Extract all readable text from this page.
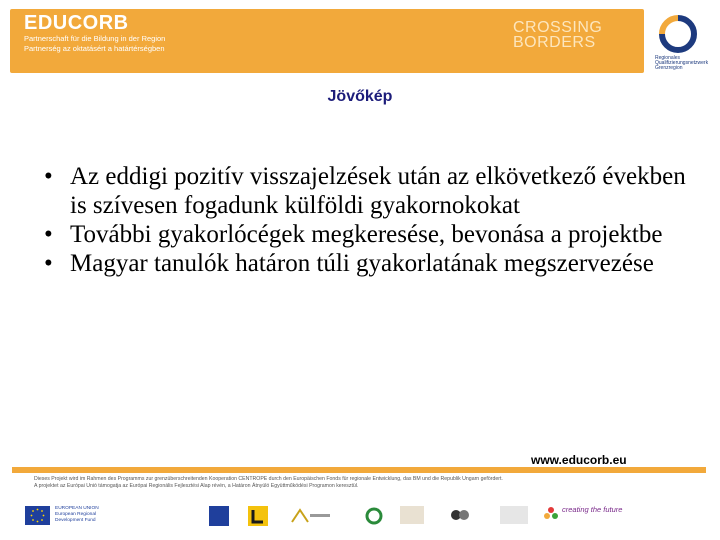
EDUCORB
Partnerschaft für die Bildung in der Region
Partnerség az oktatásért a határtérségben
CROSSING
BORDERS
Regionales Qualifizierungsnetzwerk Grenzregion
Jövőkép
• Az eddigi pozitív visszajelzések után az elkövetkező években is szívesen fogadunk külföldi gyakornokokat
• További gyakorlócégek megkeresése, bevonása a projektbe
• Magyar tanulók határon túli gyakorlatának megszervezése
www.educorb.eu
Dieses Projekt wird im Rahmen des Programms zur grenzüberschreitenden Kooperation CENTROPE durch den Europäischen Fonds für regionale Entwicklung, das BM und die Republik Ungarn gefördert.
A projektet az Európai Unió támogatja az Európai Regionális Fejlesztési Alap révén, a Határon Átnyúló Együttműködési Programon keresztül.
EUROPEAN UNION
European Regional
Development Fund
creating the future
